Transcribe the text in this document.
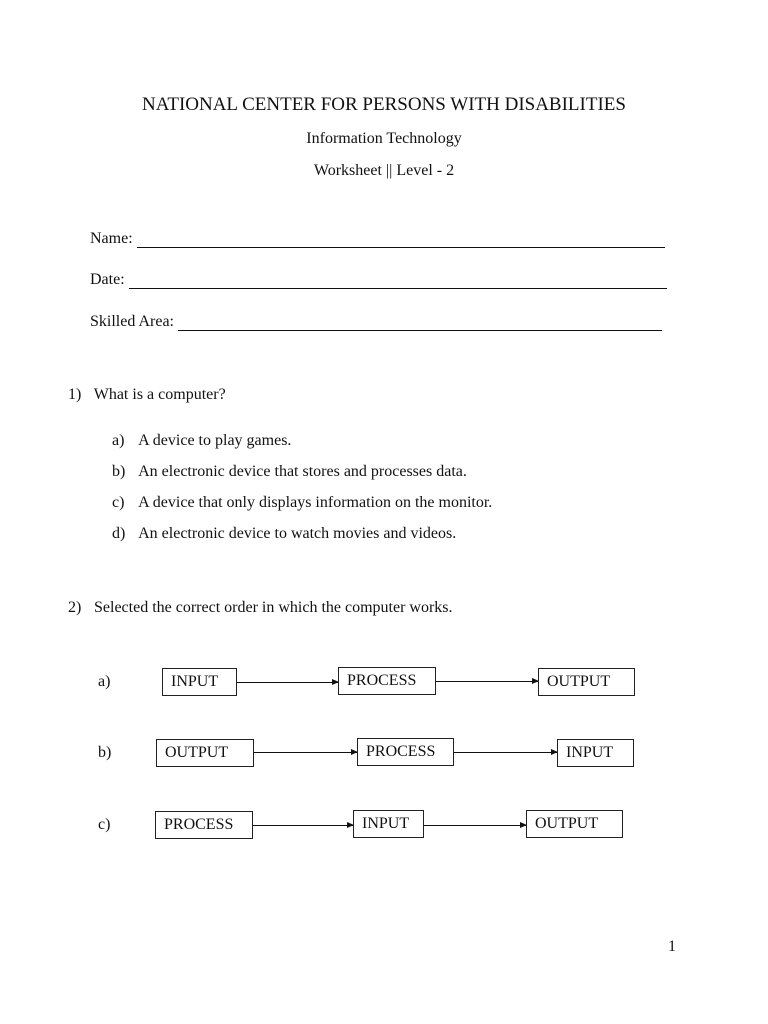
NATIONAL CENTER FOR PERSONS WITH DISABILITIES
Information Technology
Worksheet || Level - 2
Name:
Date:
Skilled Area:
1) What is a computer?
a) A device to play games.
b) An electronic device that stores and processes data.
c) A device that only displays information on the monitor.
d) An electronic device to watch movies and videos.
2) Selected the correct order in which the computer works.
a)	INPUT	PROCESS	OUTPUT
b)	OUTPUT	PROCESS	INPUT
c)	PROCESS	INPUT	OUTPUT
1
